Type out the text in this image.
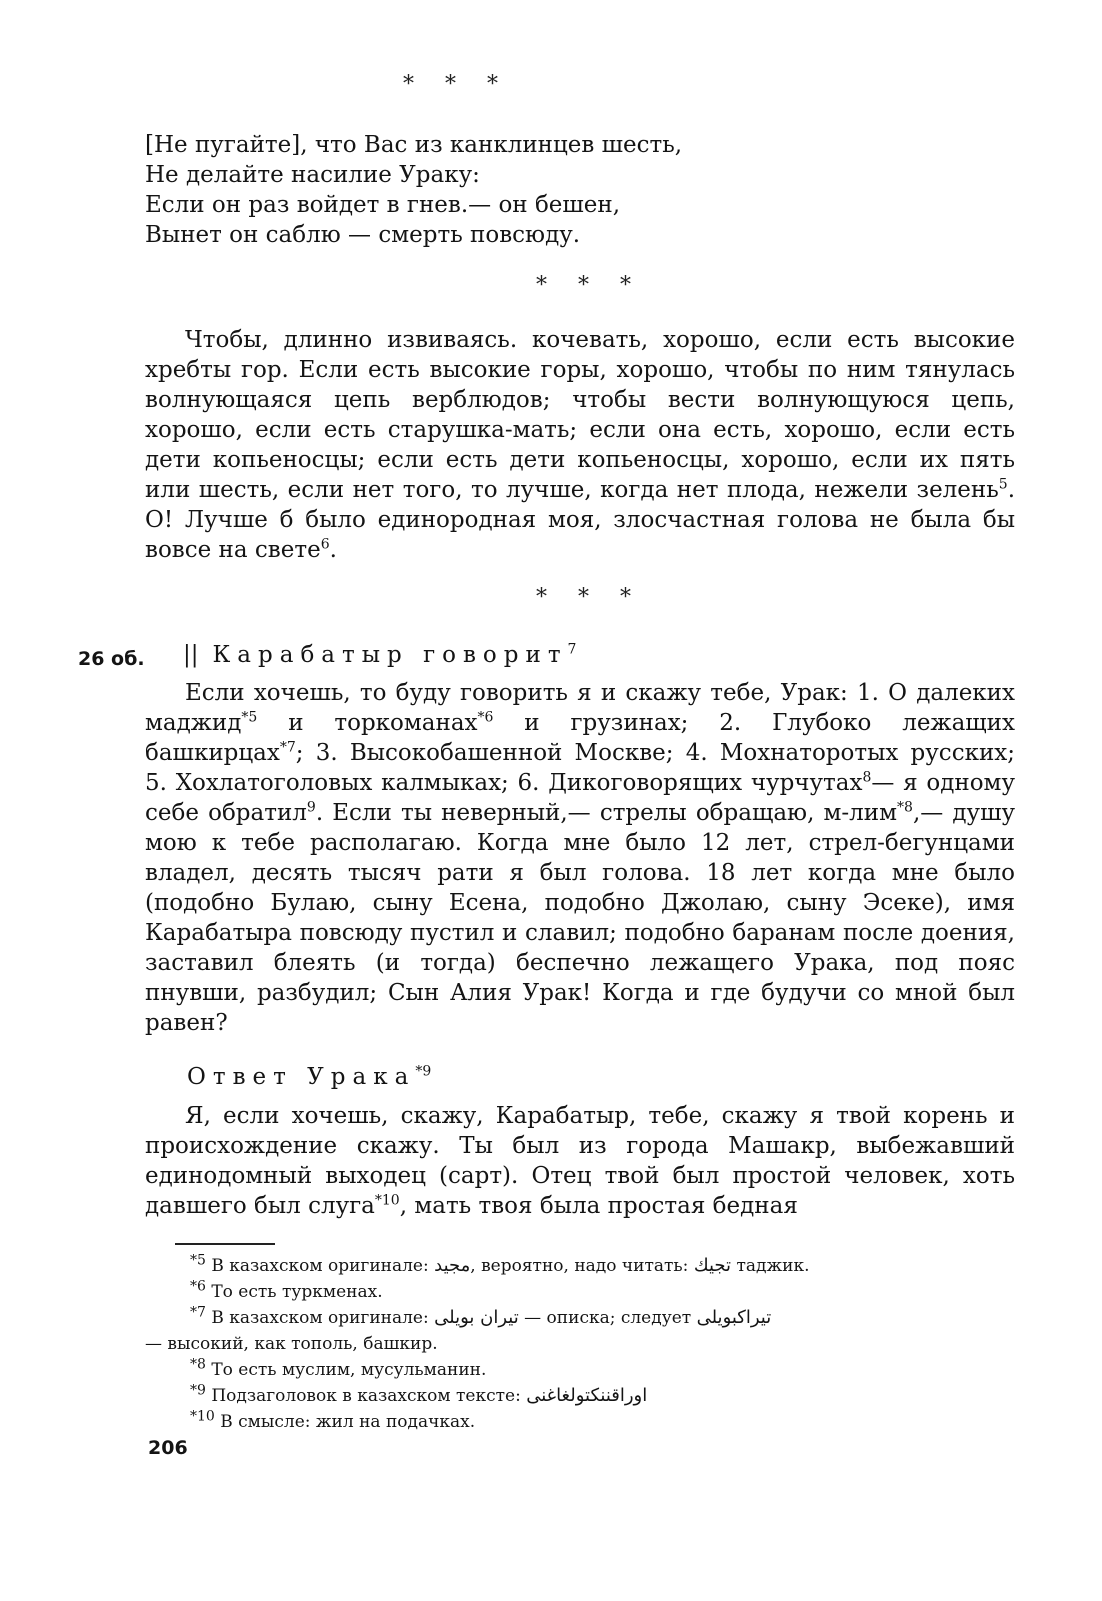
* * *
[Не пугайте], что Вас из канклинцев шесть,
Не делайте насилие Ураку:
Если он раз войдет в гнев.— он бешен,
Вынет он саблю — смерть повсюду.
* * *
Чтобы, длинно извиваясь. кочевать, хорошо, если есть высокие хребты гор. Если есть высокие горы, хорошо, чтобы по ним тянулась волнующаяся цепь верблюдов; чтобы вести волнующуюся цепь, хорошо, если есть старушка-мать; если она есть, хорошо, если есть дети копьеносцы; если есть дети копьеносцы, хорошо, если их пять или шесть, если нет того, то лучше, когда нет плода, нежели зелень$^5$. О! Лучше б было единородная моя, злосчастная голова не была бы вовсе на свете$^6$.
* * *
26 об. || Карабатыр говорит$^7$
Если хочешь, то буду говорить я и скажу тебе, Урак: 1. О далеких маджид$^{*5}$ и торкоманах$^{*6}$ и грузинах; 2. Глубоко лежащих башкирцах$^{*7}$; 3. Высокобашенной Москве; 4. Мохнаторотых русских; 5. Хохлатоголовых калмыках; 6. Дикоговорящих чурчутах$^8$— я одному себе обратил$^9$. Если ты неверный,— стрелы обращаю, м-лим$^{*8}$,— душу мою к тебе располагаю. Когда мне было 12 лет, стрел-бегунцами владел, десять тысяч рати я был голова. 18 лет когда мне было (подобно Булаю, сыну Есена, подобно Джолаю, сыну Эсеке), имя Карабатыра повсюду пустил и славил; подобно баранам после доения, заставил блеять (и тогда) беспечно лежащего Урака, под пояс пнувши, разбудил; Сын Алия Урак! Когда и где будучи со мной был равен?
Ответ Урака$^{*9}$
Я, если хочешь, скажу, Карабатыр, тебе, скажу я твой корень и происхождение скажу. Ты был из города Машакр, выбежавший единодомный выходец (сарт). Отец твой был простой человек, хоть давшего был слуга$^{*10}$, мать твоя была простая бедная
$^{*5}$ В казахском оригинале: مجید, вероятно, надо читать: تجیك таджик.
$^{*6}$ То есть туркменах.
$^{*7}$ В казахском оригинале: تیران بویلی — описка; следует تیراكبویلی
— высокий, как тополь, башкир.
$^{*8}$ То есть муслим, мусульманин.
$^{*9}$ Подзаголовок в казахском тексте: اوراقننكتولغاغنی
$^{*10}$ В смысле: жил на подачках.
206
